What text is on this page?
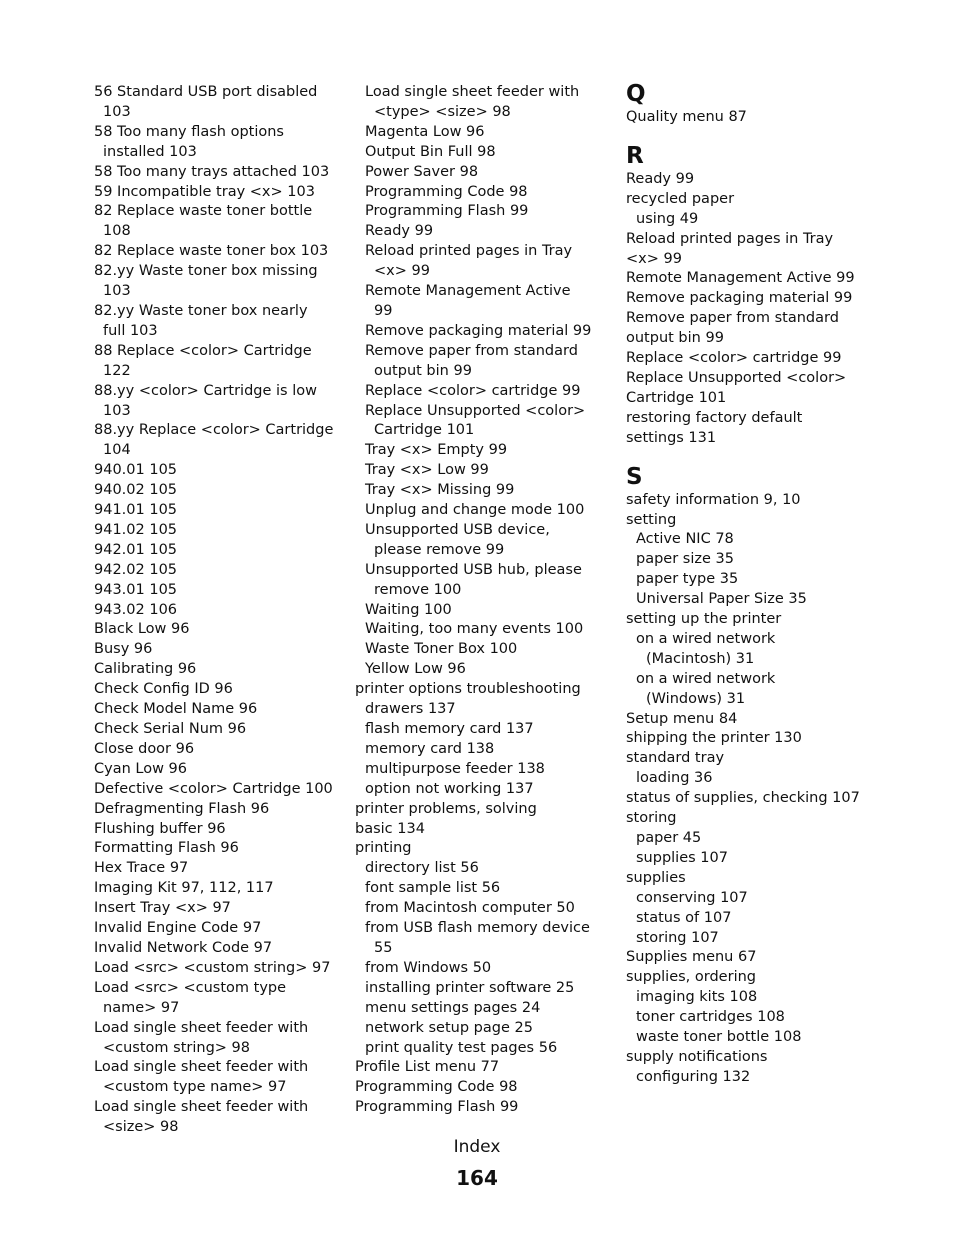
56 Standard USB port disabled 103
58 Too many flash options installed 103
58 Too many trays attached 103
59 Incompatible tray <x> 103
82 Replace waste toner bottle 108
82 Replace waste toner box 103
82.yy Waste toner box missing 103
82.yy Waste toner box nearly full 103
88 Replace <color> Cartridge 122
88.yy <color> Cartridge is low 103
88.yy Replace <color> Cartridge 104
940.01 105
940.02 105
941.01 105
941.02 105
942.01 105
942.02 105
943.01 105
943.02 106
Black Low 96
Busy 96
Calibrating 96
Check Config ID 96
Check Model Name 96
Check Serial Num 96
Close door 96
Cyan Low 96
Defective <color> Cartridge 100
Defragmenting Flash 96
Flushing buffer 96
Formatting Flash 96
Hex Trace 97
Imaging Kit 97, 112, 117
Insert Tray <x> 97
Invalid Engine Code 97
Invalid Network Code 97
Load <src> <custom string> 97
Load <src> <custom type name> 97
Load single sheet feeder with <custom string> 98
Load single sheet feeder with <custom type name> 97
Load single sheet feeder with <size> 98
Load single sheet feeder with <type> <size> 98
Magenta Low 96
Output Bin Full 98
Power Saver 98
Programming Code 98
Programming Flash 99
Ready 99
Reload printed pages in Tray <x> 99
Remote Management Active 99
Remove packaging material 99
Remove paper from standard output bin 99
Replace <color> cartridge 99
Replace Unsupported <color> Cartridge 101
Tray <x> Empty 99
Tray <x> Low 99
Tray <x> Missing 99
Unplug and change mode 100
Unsupported USB device, please remove 99
Unsupported USB hub, please remove 100
Waiting 100
Waiting, too many events 100
Waste Toner Box 100
Yellow Low 96
printer options troubleshooting
drawers 137
flash memory card 137
memory card 138
multipurpose feeder 138
option not working 137
printer problems, solving
basic 134
printing
directory list 56
font sample list 56
from Macintosh computer 50
from USB flash memory device 55
from Windows 50
installing printer software 25
menu settings pages 24
network setup page 25
print quality test pages 56
Profile List menu 77
Programming Code 98
Programming Flash 99
Q
Quality menu 87
R
Ready 99
recycled paper
using 49
Reload printed pages in Tray
<x> 99
Remote Management Active 99
Remove packaging material 99
Remove paper from standard
output bin 99
Replace <color> cartridge 99
Replace Unsupported <color>
Cartridge 101
restoring factory default
settings 131
S
safety information 9, 10
setting
Active NIC 78
paper size 35
paper type 35
Universal Paper Size 35
setting up the printer
on a wired network
(Macintosh) 31
on a wired network
(Windows) 31
Setup menu 84
shipping the printer 130
standard tray
loading 36
status of supplies, checking 107
storing
paper 45
supplies 107
supplies
conserving 107
status of 107
storing 107
Supplies menu 67
supplies, ordering
imaging kits 108
toner cartridges 108
waste toner bottle 108
supply notifications
configuring 132
Index
164
